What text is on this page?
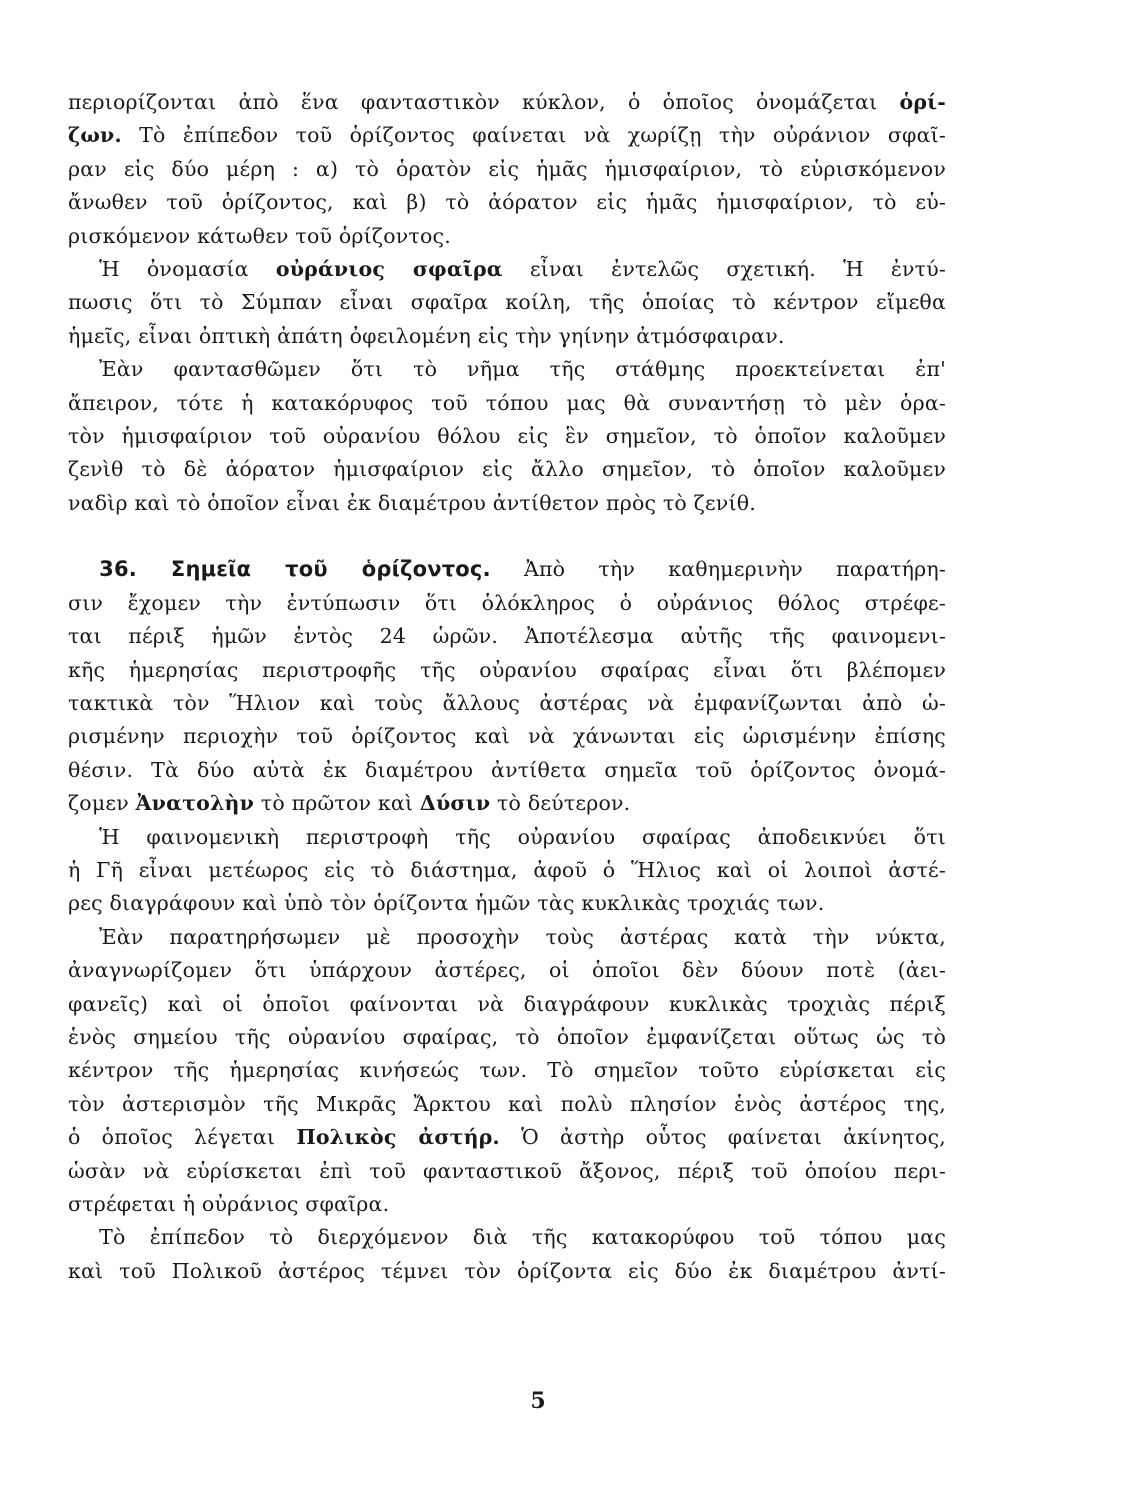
περιορίζονται ἀπὸ ἕνα φανταστικὸν κύκλον, ὁ ὁποῖος ὀνομάζεται ὁρί-
ζων. Τὸ ἐπίπεδον τοῦ ὁρίζοντος φαίνεται νὰ χωρίζῃ τὴν οὐράνιον σφαῖ-
ραν εἰς δύο μέρη : α) τὸ ὁρατὸν εἰς ἡμᾶς ἡμισφαίριον, τὸ εὑρισκόμενον
ἄνωθεν τοῦ ὁρίζοντος, καὶ β) τὸ ἀόρατον εἰς ἡμᾶς ἡμισφαίριον, τὸ εὑ-
ρισκόμενον κάτωθεν τοῦ ὁρίζοντος.

  Ἡ ὀνομασία οὐράνιος σφαῖρα εἶναι ἐντελῶς σχετική. Ἡ ἐντύ-
πωσις ὅτι τὸ Σύμπαν εἶναι σφαῖρα κοίλη, τῆς ὁποίας τὸ κέντρον εἴμεθα
ἡμεῖς, εἶναι ὀπτικὴ ἀπάτη ὀφειλομένη εἰς τὴν γηίνην ἀτμόσφαιραν.

  Ἐὰν φαντασθῶμεν ὅτι τὸ νῆμα τῆς στάθμης προεκτείνεται ἐπ'
ἄπειρον, τότε ἡ κατακόρυφος τοῦ τόπου μας θὰ συναντήσῃ τὸ μὲν ὁρα-
τὸν ἡμισφαίριον τοῦ οὐρανίου θόλου εἰς ἓν σημεῖον, τὸ ὁποῖον καλοῦμεν
ζενὶθ τὸ δὲ ἀόρατον ἡμισφαίριον εἰς ἄλλο σημεῖον, τὸ ὁποῖον καλοῦμεν
ναδὶρ καὶ τὸ ὁποῖον εἶναι ἐκ διαμέτρου ἀντίθετον πρὸς τὸ ζενίθ.

  36. Σημεῖα τοῦ ὁρίζοντος. Ἀπὸ τὴν καθημερινὴν παρατήρη-
σιν ἔχομεν τὴν ἐντύπωσιν ὅτι ὁλόκληρος ὁ οὐράνιος θόλος στρέφε-
ται πέριξ ἡμῶν ἐντὸς 24 ὡρῶν. Ἀποτέλεσμα αὐτῆς τῆς φαινομενι-
κῆς ἡμερησίας περιστροφῆς τῆς οὐρανίου σφαίρας εἶναι ὅτι βλέπομεν
τακτικὰ τὸν Ἥλιον καὶ τοὺς ἄλλους ἀστέρας νὰ ἐμφανίζωνται ἀπὸ ὡ-
ρισμένην περιοχὴν τοῦ ὁρίζοντος καὶ νὰ χάνωνται εἰς ὡρισμένην ἐπίσης
θέσιν. Τὰ δύο αὐτὰ ἐκ διαμέτρου ἀντίθετα σημεῖα τοῦ ὁρίζοντος ὀνομά-
ζομεν Ἀνατολὴν τὸ πρῶτον καὶ Δύσιν τὸ δεύτερον.

  Ἡ φαινομενικὴ περιστροφὴ τῆς οὐρανίου σφαίρας ἀποδεικνύει ὅτι
ἡ Γῆ εἶναι μετέωρος εἰς τὸ διάστημα, ἀφοῦ ὁ Ἥλιος καὶ οἱ λοιποὶ ἀστέ-
ρες διαγράφουν καὶ ὑπὸ τὸν ὁρίζοντα ἡμῶν τὰς κυκλικὰς τροχιάς των.

  Ἐὰν παρατηρήσωμεν μὲ προσοχὴν τοὺς ἀστέρας κατὰ τὴν νύκτα,
ἀναγνωρίζομεν ὅτι ὑπάρχουν ἀστέρες, οἱ ὁποῖοι δὲν δύουν ποτὲ (ἀει-
φανεῖς) καὶ οἱ ὁποῖοι φαίνονται νὰ διαγράφουν κυκλικὰς τροχιὰς πέριξ
ἑνὸς σημείου τῆς οὐρανίου σφαίρας, τὸ ὁποῖον ἐμφανίζεται οὕτως ὡς τὸ
κέντρον τῆς ἡμερησίας κινήσεώς των. Τὸ σημεῖον τοῦτο εὑρίσκεται εἰς
τὸν ἀστερισμὸν τῆς Μικρᾶς Ἄρκτου καὶ πολὺ πλησίον ἑνὸς ἀστέρος της,
ὁ ὁποῖος λέγεται Πολικὸς ἀστήρ. Ὁ ἀστὴρ οὗτος φαίνεται ἀκίνητος,
ὡσὰν νὰ εὑρίσκεται ἐπὶ τοῦ φανταστικοῦ ἄξονος, πέριξ τοῦ ὁποίου περι-
στρέφεται ἡ οὐράνιος σφαῖρα.

  Τὸ ἐπίπεδον τὸ διερχόμενον διὰ τῆς κατακορύφου τοῦ τόπου μας
καὶ τοῦ Πολικοῦ ἀστέρος τέμνει τὸν ὁρίζοντα εἰς δύο ἐκ διαμέτρου ἀντί-

5
